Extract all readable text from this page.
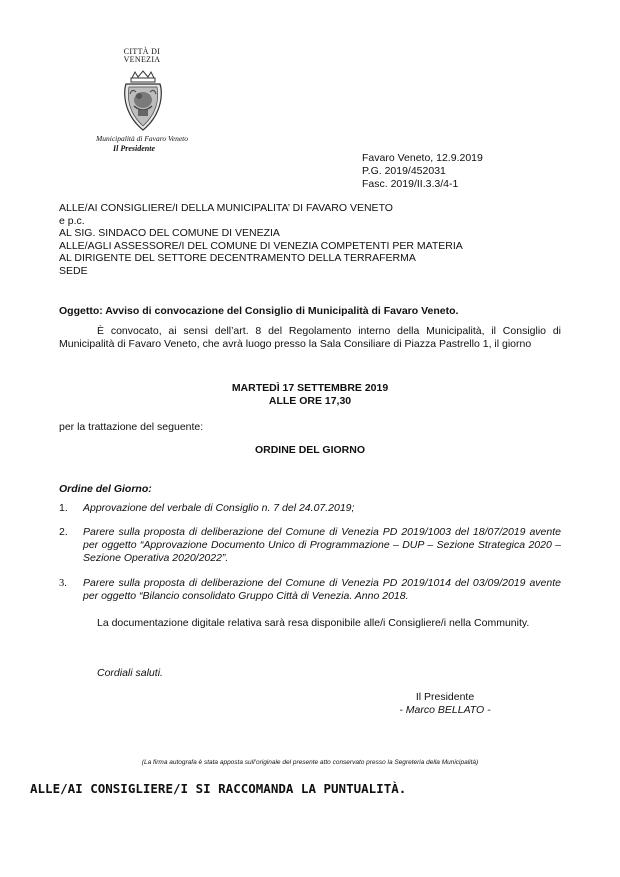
CITTÀ DI
VENEZIA
Municipalità di Favaro Veneto
Il Presidente
Favaro Veneto, 12.9.2019
P.G. 2019/452031
Fasc. 2019/II.3.3/4-1
ALLE/AI CONSIGLIERE/I DELLA MUNICIPALITA’ DI FAVARO VENETO
e p.c.
AL SIG. SINDACO DEL COMUNE DI VENEZIA
ALLE/AGLI ASSESSORE/I DEL COMUNE DI VENEZIA COMPETENTI PER MATERIA
AL DIRIGENTE DEL SETTORE DECENTRAMENTO DELLA TERRAFERMA
SEDE
Oggetto: Avviso di convocazione del Consiglio di Municipalità di Favaro Veneto.
È convocato, ai sensi dell’art. 8 del Regolamento interno della Municipalità, il Consiglio di Municipalità di Favaro Veneto, che avrà luogo presso la Sala Consiliare di Piazza Pastrello 1, il giorno
MARTEDÌ 17 SETTEMBRE 2019
ALLE ORE 17,30
per la trattazione del seguente:
ORDINE DEL GIORNO
Ordine del Giorno:
1. Approvazione del verbale di Consiglio n. 7 del 24.07.2019;
2. Parere sulla proposta di deliberazione del Comune di Venezia PD 2019/1003 del 18/07/2019 avente per oggetto “Approvazione Documento Unico di Programmazione – DUP – Sezione Strategica 2020 – Sezione Operativa 2020/2022”.
3. Parere sulla proposta di deliberazione del Comune di Venezia PD 2019/1014 del 03/09/2019 avente per oggetto “Bilancio consolidato Gruppo Città di Venezia. Anno 2018.
La documentazione digitale relativa sarà resa disponibile alle/i Consigliere/i nella Community.
Cordiali saluti.
Il Presidente
- Marco BELLATO -
(La firma autografa è stata apposta sull’originale del presente atto conservato presso la Segreteria della Municipalità)
ALLE/AI CONSIGLIERE/I SI RACCOMANDA LA PUNTUALITÀ.
